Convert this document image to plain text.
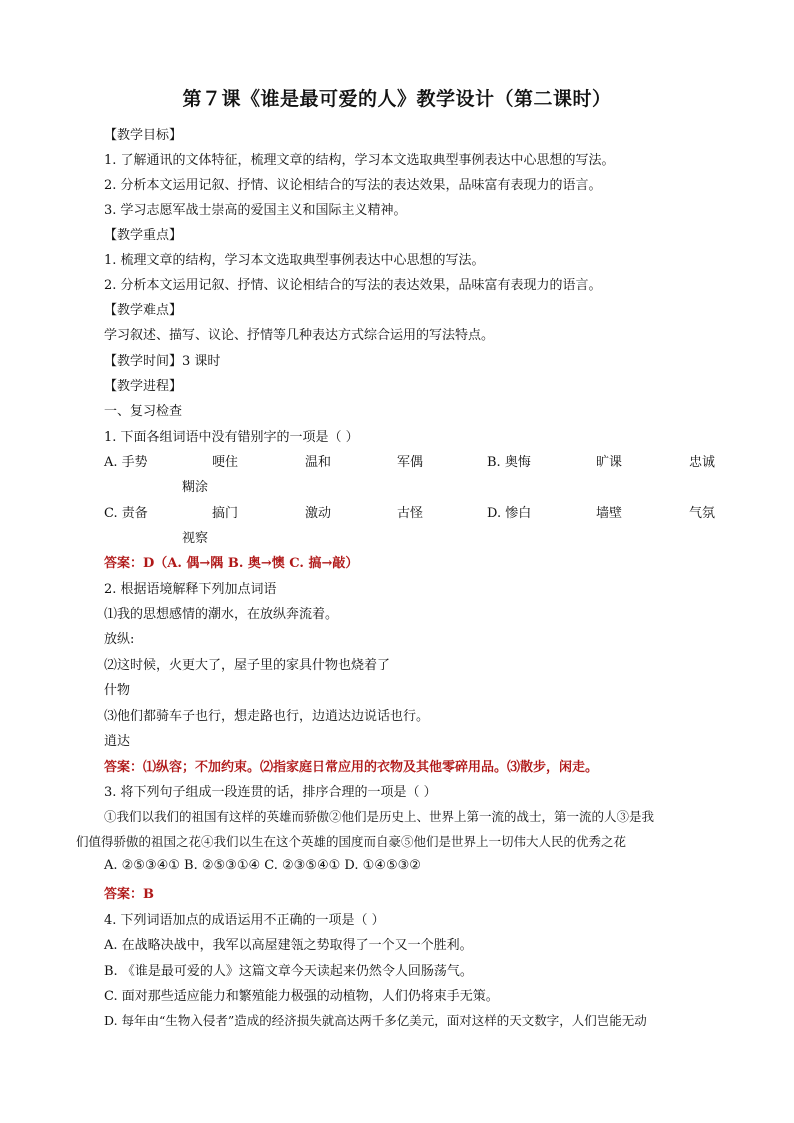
第７课《谁是最可爱的人》教学设计（第二课时）
【教学目标】
1. 了解通讯的文体特征，梳理文章的结构，学习本文选取典型事例表达中心思想的写法。
2. 分析本文运用记叙、抒情、议论相结合的写法的表达效果，品味富有表现力的语言。
3. 学习志愿军战士崇高的爱国主义和国际主义精神。
【教学重点】
1. 梳理文章的结构，学习本文选取典型事例表达中心思想的写法。
2. 分析本文运用记叙、抒情、议论相结合的写法的表达效果，品味富有表现力的语言。
【教学难点】
学习叙述、描写、议论、抒情等几种表达方式综合运用的写法特点。
【教学时间】3 课时
【教学进程】
一、复习检查
1. 下面各组词语中没有错别字的一项是（ ）
A. 手势	哽住	温和	军偶	B. 奥悔	旷课	忠诚
糊涂
C. 责备	搞门	激动	古怪	D. 惨白	墙壁	气氛
视察
答案：D（A. 偶→隅 B. 奥→懊 C. 搞→敲）
2. 根据语境解释下列加点词语
⑴我的思想感情的潮水，在放纵奔流着。
放纵:
⑵这时候，火更大了，屋子里的家具什物也烧着了
什物
⑶他们都骑车子也行，想走路也行，边逍达边说话也行。
逍达
答案：⑴纵容；不加约束。⑵指家庭日常应用的衣物及其他零碎用品。⑶散步，闲走。
3. 将下列句子组成一段连贯的话，排序合理的一项是（ ）
①我们以我们的祖国有这样的英雄而骄傲②他们是历史上、世界上第一流的战士，第一流的人③是我
们值得骄傲的祖国之花④我们以生在这个英雄的国度而自豪⑤他们是世界上一切伟大人民的优秀之花
A. ②⑤③④① B. ②⑤③①④ C. ②③⑤④① D. ①④⑤③②
答案：B
4. 下列词语加点的成语运用不正确的一项是（ ）
A. 在战略决战中，我军以高屋建瓴之势取得了一个又一个胜利。
B. 《谁是最可爱的人》这篇文章今天读起来仍然令人回肠荡气。
C. 面对那些适应能力和繁殖能力极强的动植物，人们仍将束手无策。
D. 每年由“生物入侵者”造成的经济损失就高达两千多亿美元，面对这样的天文数字，人们岂能无动
